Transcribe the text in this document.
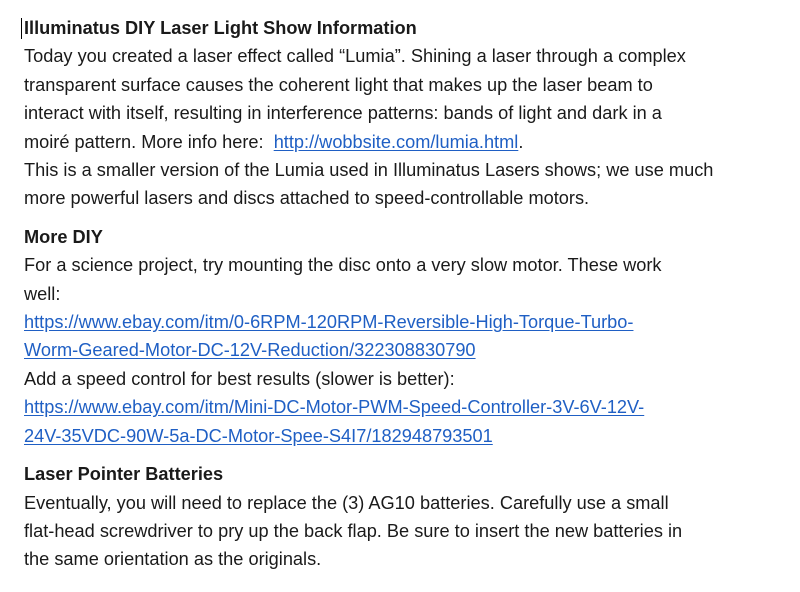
Illuminatus DIY Laser Light Show Information

Today you created a laser effect called “Lumia”. Shining a laser through a complex
transparent surface causes the coherent light that makes up the laser beam to
interact with itself, resulting in interference patterns: bands of light and dark in a
moiré pattern. More info here:  http://wobbsite.com/lumia.html.
This is a smaller version of the Lumia used in Illuminatus Lasers shows; we use much
more powerful lasers and discs attached to speed-controllable motors.

More DIY

For a science project, try mounting the disc onto a very slow motor. These work
well:
https://www.ebay.com/itm/0-6RPM-120RPM-Reversible-High-Torque-Turbo-
Worm-Geared-Motor-DC-12V-Reduction/322308830790
Add a speed control for best results (slower is better):
https://www.ebay.com/itm/Mini-DC-Motor-PWM-Speed-Controller-3V-6V-12V-
24V-35VDC-90W-5a-DC-Motor-Spee-S4I7/182948793501

Laser Pointer Batteries

Eventually, you will need to replace the (3) AG10 batteries. Carefully use a small
flat-head screwdriver to pry up the back flap. Be sure to insert the new batteries in
the same orientation as the originals.
